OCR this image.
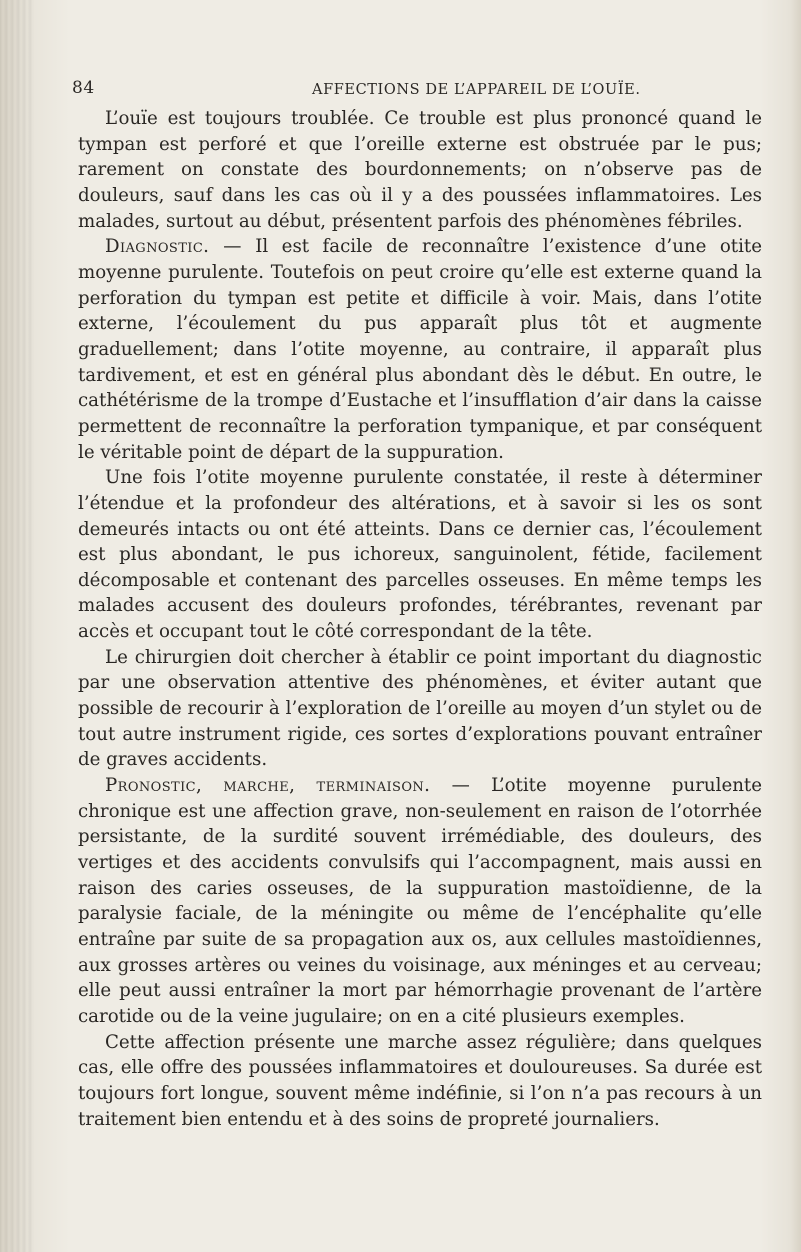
84	AFFECTIONS DE L’APPAREIL DE L’OUÏE.

L’ouïe est toujours troublée. Ce trouble est plus prononcé quand le tympan est perforé et que l’oreille externe est obstruée par le pus; rarement on constate des bourdonnements; on n’observe pas de douleurs, sauf dans les cas où il y a des poussées inflammatoires. Les malades, surtout au début, présentent parfois des phénomènes fébriles.

Diagnostic. — Il est facile de reconnaître l’existence d’une otite moyenne purulente. Toutefois on peut croire qu’elle est externe quand la perforation du tympan est petite et difficile à voir. Mais, dans l’otite externe, l’écoulement du pus apparaît plus tôt et augmente graduellement; dans l’otite moyenne, au contraire, il apparaît plus tardivement, et est en général plus abondant dès le début. En outre, le cathétérisme de la trompe d’Eustache et l’insufflation d’air dans la caisse permettent de reconnaître la perforation tympanique, et par conséquent le véritable point de départ de la suppuration.

Une fois l’otite moyenne purulente constatée, il reste à déterminer l’étendue et la profondeur des altérations, et à savoir si les os sont demeurés intacts ou ont été atteints. Dans ce dernier cas, l’écoulement est plus abondant, le pus ichoreux, sanguinolent, fétide, facilement décomposable et contenant des parcelles osseuses. En même temps les malades accusent des douleurs profondes, térébrantes, revenant par accès et occupant tout le côté correspondant de la tête.

Le chirurgien doit chercher à établir ce point important du diagnostic par une observation attentive des phénomènes, et éviter autant que possible de recourir à l’exploration de l’oreille au moyen d’un stylet ou de tout autre instrument rigide, ces sortes d’explorations pouvant entraîner de graves accidents.

Pronostic, marche, terminaison. — L’otite moyenne purulente chronique est une affection grave, non-seulement en raison de l’otorrhée persistante, de la surdité souvent irrémédiable, des douleurs, des vertiges et des accidents convulsifs qui l’accompagnent, mais aussi en raison des caries osseuses, de la suppuration mastoïdienne, de la paralysie faciale, de la méningite ou même de l’encéphalite qu’elle entraîne par suite de sa propagation aux os, aux cellules mastoïdiennes, aux grosses artères ou veines du voisinage, aux méninges et au cerveau; elle peut aussi entraîner la mort par hémorrhagie provenant de l’artère carotide ou de la veine jugulaire; on en a cité plusieurs exemples.

Cette affection présente une marche assez régulière; dans quelques cas, elle offre des poussées inflammatoires et douloureuses. Sa durée est toujours fort longue, souvent même indéfinie, si l’on n’a pas recours à un traitement bien entendu et à des soins de propreté journaliers.
